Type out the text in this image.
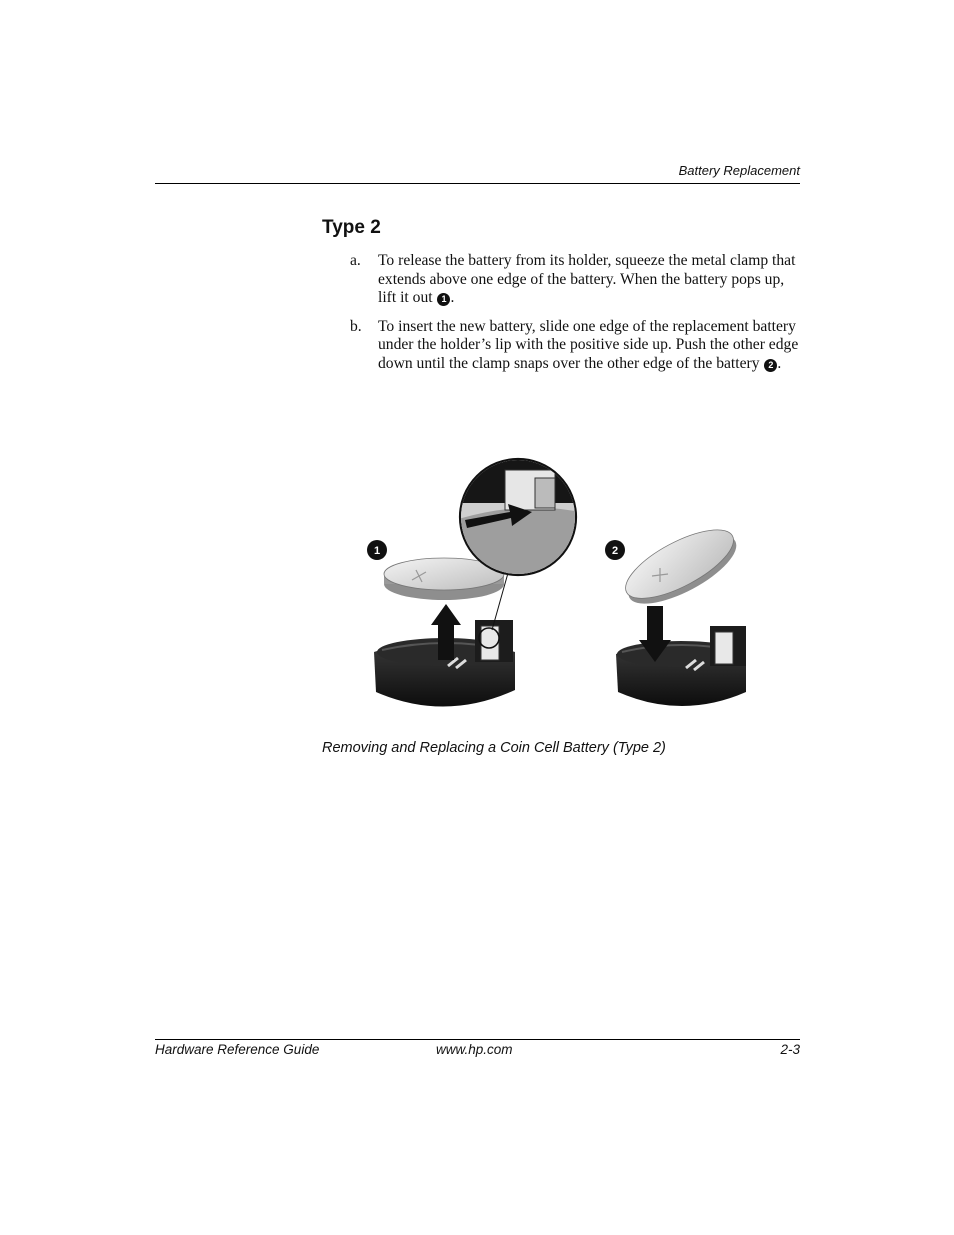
Battery Replacement
Type 2
a.	To release the battery from its holder, squeeze the metal clamp that extends above one edge of the battery. When the battery pops up, lift it out 1 .
b.	To insert the new battery, slide one edge of the replacement battery under the holder’s lip with the positive side up. Push the other edge down until the clamp snaps over the other edge of the battery 2 .
1	2
Removing and Replacing a Coin Cell Battery (Type 2)
Hardware Reference Guide	www.hp.com	2-3
